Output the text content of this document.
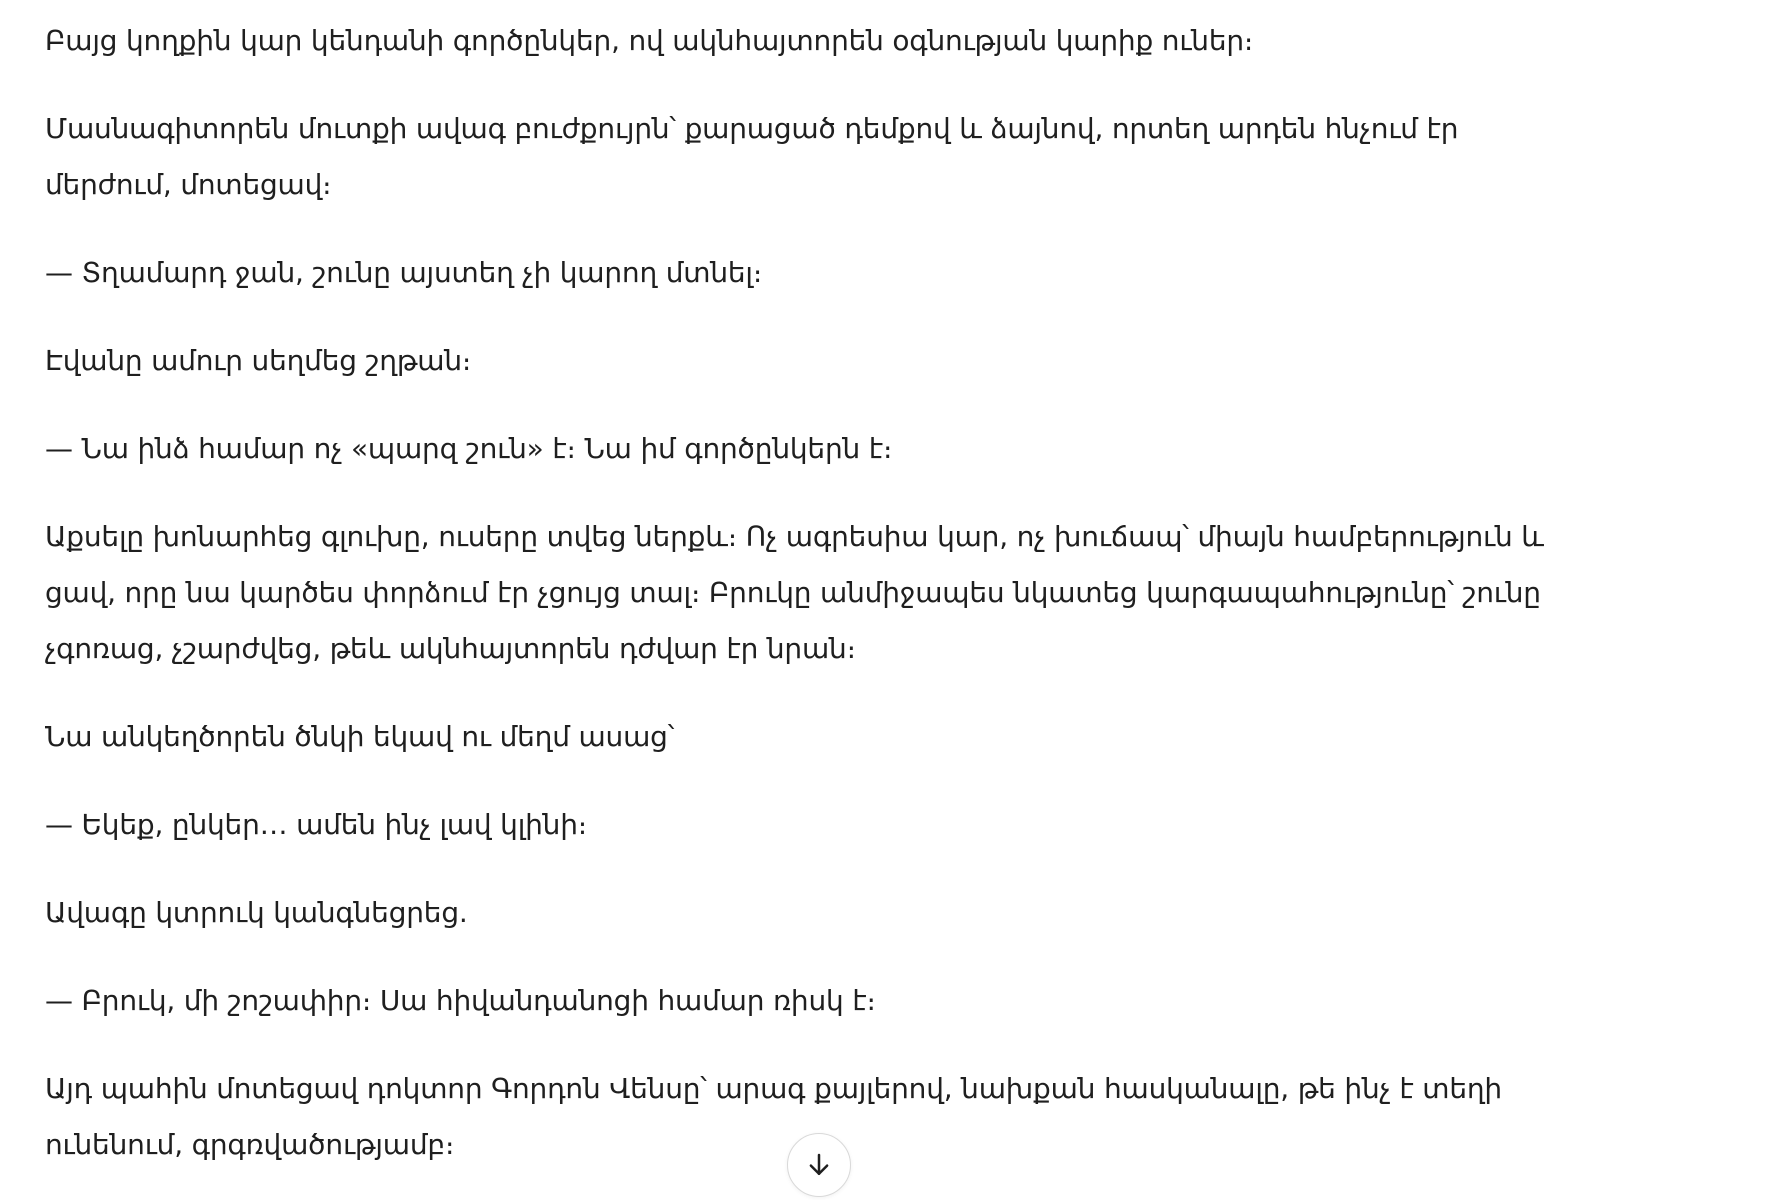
Բայց կողքին կար կենդանի գործընկեր, ով ակնհայտորեն օգնության կարիք ուներ։

Մասնագիտորեն մուտքի ավագ բուժքույրն՝ քարացած դեմքով և ձայնով, որտեղ արդեն հնչում էր մերժում, մոտեցավ։

— Տղամարդ ջան, շունը այստեղ չի կարող մտնել։

Էվանը ամուր սեղմեց շղթան։

— Նա ինձ համար ոչ «պարզ շուն» է։ Նա իմ գործընկերն է։

Աքսելը խոնարհեց գլուխը, ուսերը տվեց ներքև։ Ոչ ագրեսիա կար, ոչ խուճապ՝ միայն համբերություն և ցավ, որը նա կարծես փորձում էր չցույց տալ։ Բրուկը անմիջապես նկատեց կարգապահությունը՝ շունը չգոռաց, չշարժվեց, թեև ակնհայտորեն դժվար էր նրան։

Նա անկեղծորեն ծնկի եկավ ու մեղմ ասաց՝

— Եկեք, ընկեր… ամեն ինչ լավ կլինի։

Ավագը կտրուկ կանգնեցրեց.

— Բրուկ, մի շոշափիր։ Սա հիվանդանոցի համար ռիսկ է։

Այդ պահին մոտեցավ դոկտոր Գորդոն Վենսը՝ արագ քայլերով, նախքան հասկանալը, թե ինչ է տեղի ունենում, գրգռվածությամբ։
